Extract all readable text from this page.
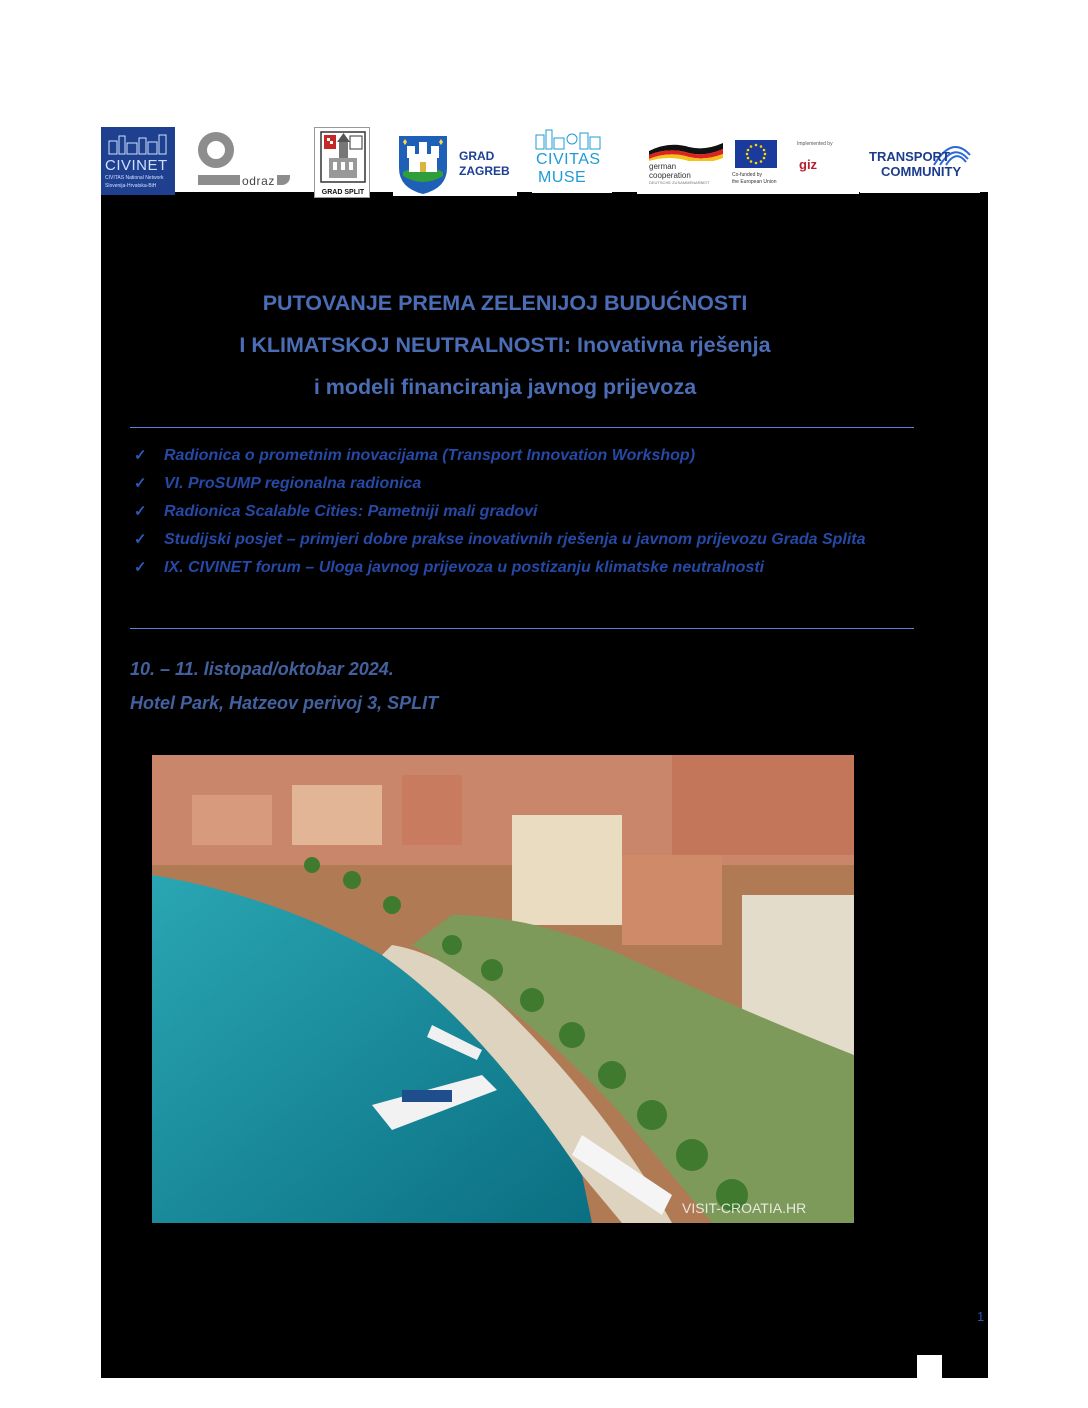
CIVINET
CIVITAS National Network
Slovenija-Hrvatska-BiH	odraz
GRAD SPLIT
GRAD
ZAGREB
CIVITAS
MUSE
german
cooperation
DEUTSCHE ZUSAMMENARBEIT
Co-funded by
the European Union
Implemented by
giz
TRANSPORT
COMMUNITY
PUTOVANJE PREMA ZELENIJOJ BUDUĆNOSTI
I KLIMATSKOJ NEUTRALNOSTI: Inovativna rješenja
i modeli financiranja javnog prijevoza
✓ Radionica o prometnim inovacijama (Transport Innovation Workshop)
✓ VI. ProSUMP regionalna radionica
✓ Radionica Scalable Cities: Pametniji mali gradovi
✓ Studijski posjet – primjeri dobre prakse inovativnih rješenja u javnom prijevozu Grada Splita
✓ IX. CIVINET forum – Uloga javnog prijevoza u postizanju klimatske neutralnosti
10. – 11. listopad/oktobar 2024.
Hotel Park, Hatzeov perivoj 3, SPLIT
VISIT-CROATIA.HR
1
